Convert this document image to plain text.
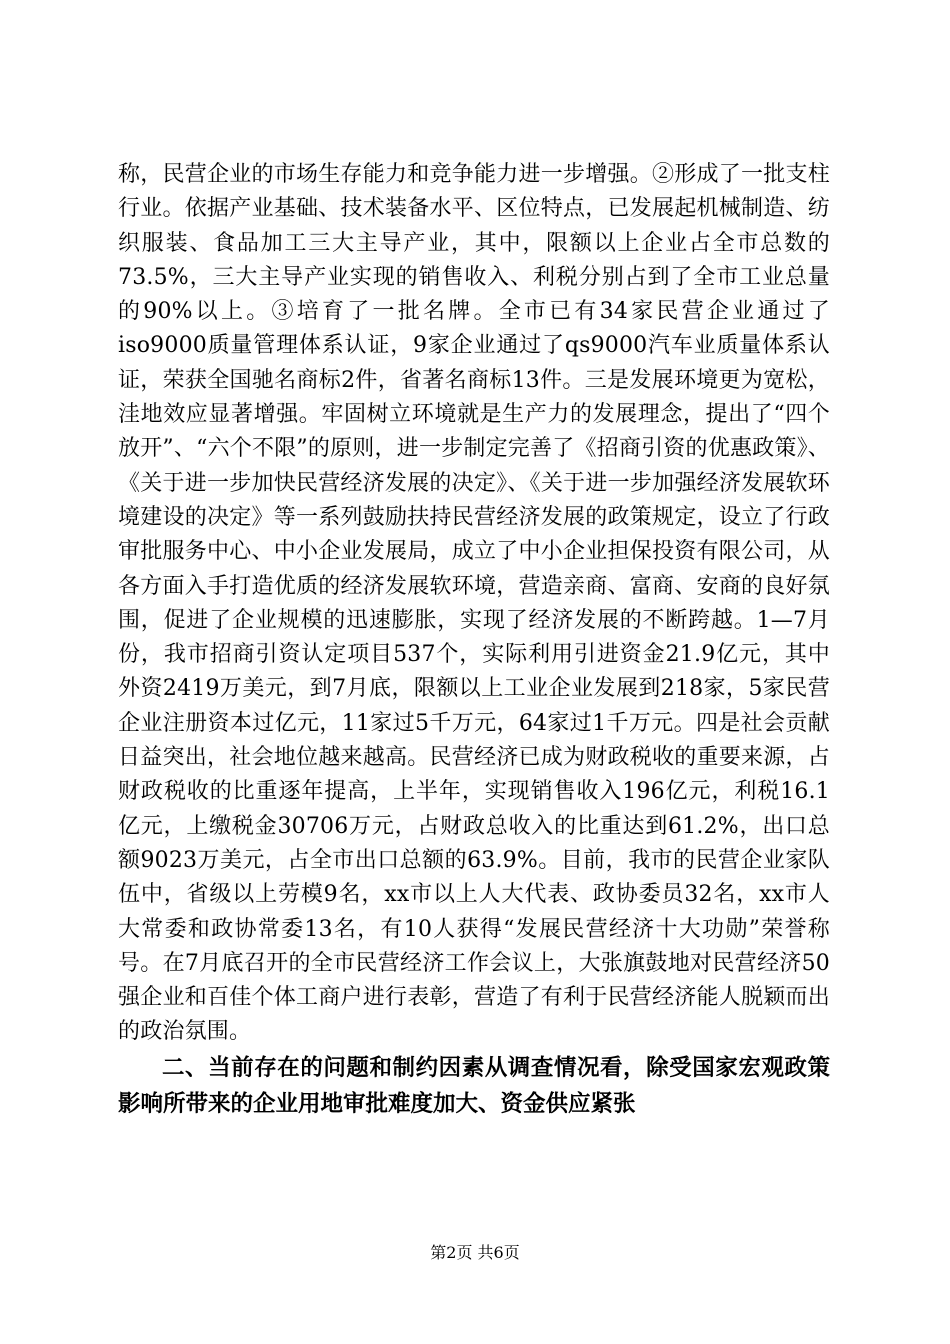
称，民营企业的市场生存能力和竞争能力进一步增强。②形成了一批支柱行业。依据产业基础、技术装备水平、区位特点，已发展起机械制造、纺织服装、食品加工三大主导产业，其中，限额以上企业占全市总数的73.5%，三大主导产业实现的销售收入、利税分别占到了全市工业总量的90%以上。③培育了一批名牌。全市已有34家民营企业通过了iso9000质量管理体系认证，9家企业通过了qs9000汽车业质量体系认证，荣获全国驰名商标2件，省著名商标13件。三是发展环境更为宽松，洼地效应显著增强。牢固树立环境就是生产力的发展理念，提出了“四个放开”、“六个不限”的原则，进一步制定完善了《招商引资的优惠政策》、《关于进一步加快民营经济发展的决定》、《关于进一步加强经济发展软环境建设的决定》等一系列鼓励扶持民营经济发展的政策规定，设立了行政审批服务中心、中小企业发展局，成立了中小企业担保投资有限公司，从各方面入手打造优质的经济发展软环境，营造亲商、富商、安商的良好氛围，促进了企业规模的迅速膨胀，实现了经济发展的不断跨越。1—7月份，我市招商引资认定项目537个，实际利用引进资金21.9亿元，其中外资2419万美元，到7月底，限额以上工业企业发展到218家，5家民营企业注册资本过亿元，11家过5千万元，64家过1千万元。四是社会贡献日益突出，社会地位越来越高。民营经济已成为财政税收的重要来源，占财政税收的比重逐年提高，上半年，实现销售收入196亿元，利税16.1亿元，上缴税金30706万元，占财政总收入的比重达到61.2%，出口总额9023万美元，占全市出口总额的63.9%。目前，我市的民营企业家队伍中，省级以上劳模9名，xx市以上人大代表、政协委员32名，xx市人大常委和政协常委13名，有10人获得“发展民营经济十大功勋”荣誉称号。在7月底召开的全市民营经济工作会议上，大张旗鼓地对民营经济50强企业和百佳个体工商户进行表彰，营造了有利于民营经济能人脱颖而出的政治氛围。

二、当前存在的问题和制约因素从调查情况看，除受国家宏观政策影响所带来的企业用地审批难度加大、资金供应紧张

第2页 共6页
